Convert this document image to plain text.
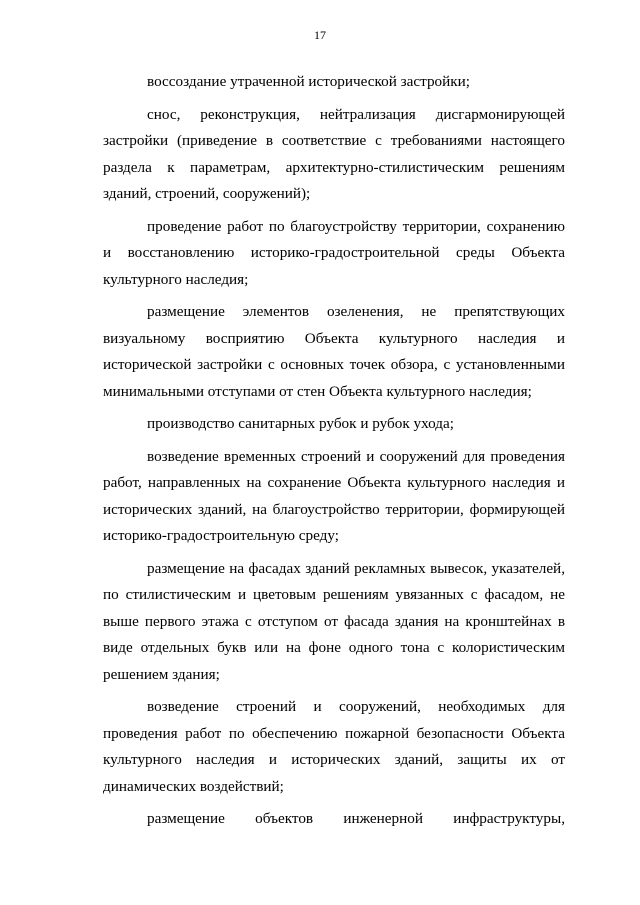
17

воссоздание утраченной исторической застройки;

снос, реконструкция, нейтрализация дисгармонирующей застройки (приведение в соответствие с требованиями настоящего раздела к параметрам, архитектурно-стилистическим решениям зданий, строений, сооружений);

проведение работ по благоустройству территории, сохранению и восстановлению историко-градостроительной среды Объекта культурного наследия;

размещение элементов озеленения, не препятствующих визуальному восприятию Объекта культурного наследия и исторической застройки с основных точек обзора, с установленными минимальными отступами от стен Объекта культурного наследия;

производство санитарных рубок и рубок ухода;

возведение временных строений и сооружений для проведения работ, направленных на сохранение Объекта культурного наследия и исторических зданий, на благоустройство территории, формирующей историко-градостроительную среду;

размещение на фасадах зданий рекламных вывесок, указателей, по стилистическим и цветовым решениям увязанных с фасадом, не выше первого этажа с отступом от фасада здания на кронштейнах в виде отдельных букв или на фоне одного тона с колористическим решением здания;

возведение строений и сооружений, необходимых для проведения работ по обеспечению пожарной безопасности Объекта культурного наследия и исторических зданий, защиты их от динамических воздействий;

размещение объектов инженерной инфраструктуры,
